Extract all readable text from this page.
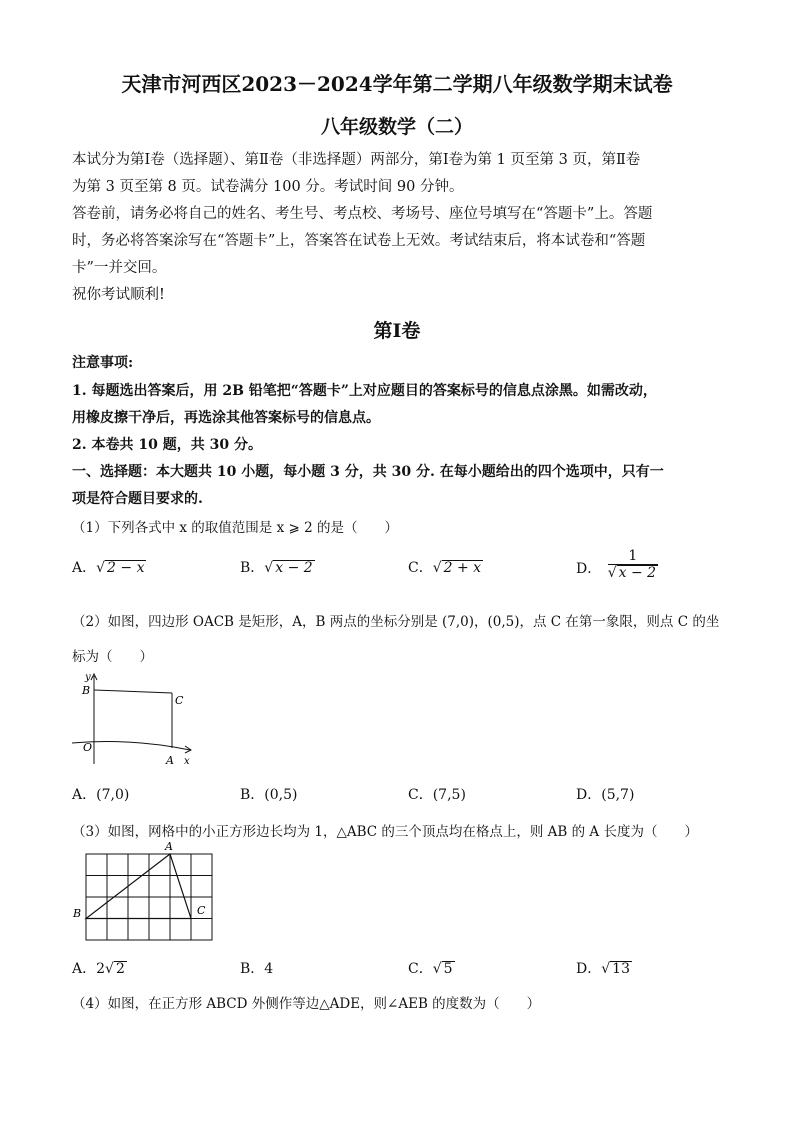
天津市河西区2023－2024学年第二学期八年级数学期末试卷
八年级数学（二）
本试分为第Ⅰ卷（选择题）、第Ⅱ卷（非选择题）两部分，第Ⅰ卷为第 1 页至第 3 页，第Ⅱ卷
为第 3 页至第 8 页。试卷满分 100 分。考试时间 90 分钟。
答卷前，请务必将自己的姓名、考生号、考点校、考场号、座位号填写在“答题卡”上。答题
时，务必将答案涂写在“答题卡”上，答案答在试卷上无效。考试结束后，将本试卷和“答题
卡”一并交回。
祝你考试顺利!
第Ⅰ卷
注意事项:
1. 每题选出答案后，用 2B 铅笔把“答题卡”上对应题目的答案标号的信息点涂黑。如需改动，
用橡皮擦干净后，再选涂其他答案标号的信息点。
2. 本卷共 10 题，共 30 分。
一、选择题：本大题共 10 小题，每小题 3 分，共 30 分. 在每小题给出的四个选项中，只有一
项是符合题目要求的.
（1）下列各式中 x 的取值范围是 x ⩾ 2 的是（　　）
A．√ 2 − x	B．√ x − 2	C．√ 2 + x	D． $\frac{1}{√ x - 2}$
（2）如图，四边形 OACB 是矩形，A，B 两点的坐标分别是 (7,0)，(0,5)，点 C 在第一象限，则点 C 的坐
标为（　　）
y
B
C
O
A x
A．(7,0)	B．(0,5)	C．(7,5)	D．(5,7)
（3）如图，网格中的小正方形边长均为 1，△ABC 的三个顶点均在格点上，则 AB 的 A 长度为（　　）
A
B	C
A．2√ 2	B．4	C．√ 5	D．√ 13
（4）如图，在正方形 ABCD 外侧作等边△ADE，则∠AEB 的度数为（　　）
